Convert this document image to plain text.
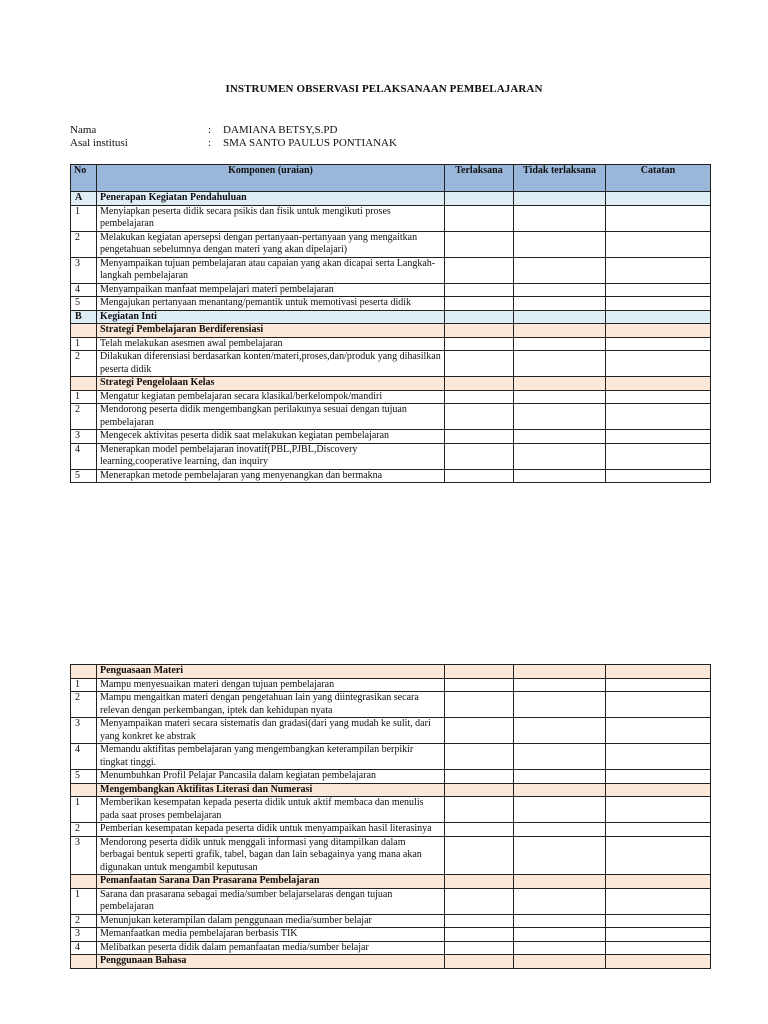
INSTRUMEN OBSERVASI PELAKSANAAN PEMBELAJARAN
Nama	: DAMIANA BETSY,S.PD
Asal institusi	: SMA SANTO PAULUS PONTIANAK
No	Komponen (uraian)	Terlaksana	Tidak terlaksana	Catatan
A	Penerapan Kegiatan Pendahuluan			
1	Menyiapkan peserta didik secara psikis dan fisik untuk mengikuti proses pembelajaran			
2	Melakukan kegiatan apersepsi dengan pertanyaan-pertanyaan yang mengaitkan pengetahuan sebelumnya dengan materi yang akan dipelajari)			
3	Menyampaikan tujuan pembelajaran atau capaian yang akan dicapai serta Langkah-langkah pembelajaran			
4	Menyampaikan manfaat mempelajari materi pembelajaran			
5	Mengajukan pertanyaan menantang/pemantik untuk memotivasi peserta didik			
B	Kegiatan Inti			
	Strategi Pembelajaran Berdiferensiasi			
1	Telah melakukan asesmen awal pembelajaran			
2	Dilakukan diferensiasi berdasarkan konten/materi,proses,dan/produk yang dihasilkan peserta didik			
	Strategi Pengelolaan Kelas			
1	Mengatur kegiatan pembelajaran secara klasikal/berkelompok/mandiri			
2	Mendorong peserta didik mengembangkan perilakunya sesuai dengan tujuan pembelajaran			
3	Mengecek aktivitas peserta didik saat melakukan kegiatan pembelajaran			
4	Menerapkan model pembelajaran inovatif(PBL,PJBL,Discovery learning,cooperative learning, dan inquiry			
5	Menerapkan metode pembelajaran yang menyenangkan dan bermakna			
	Penguasaan Materi			
1	Mampu menyesuaikan materi dengan tujuan pembelajaran			
2	Mampu mengaitkan materi dengan pengetahuan lain yang diintegrasikan secara relevan dengan perkembangan, iptek dan kehidupan nyata			
3	Menyampaikan materi secara sistematis dan gradasi(dari yang mudah ke sulit, dari yang konkret ke abstrak			
4	Memandu aktifitas pembelajaran yang mengembangkan keterampilan berpikir tingkat tinggi.			
5	Menumbuhkan Profil Pelajar Pancasila dalam kegiatan pembelajaran			
	Mengembangkan Aktifitas Literasi dan Numerasi			
1	Memberikan kesempatan kepada peserta didik untuk aktif membaca dan menulis pada saat proses pembelajaran			
2	Pemberian kesempatan kepada peserta didik untuk menyampaikan hasil literasinya			
3	Mendorong peserta didik untuk menggali informasi yang ditampilkan dalam berbagai bentuk seperti grafik, tabel, bagan dan lain sebagainya yang mana akan digunakan untuk mengambil keputusan			
	Pemanfaatan Sarana Dan Prasarana Pembelajaran			
1	Sarana dan prasarana sebagai media/sumber belajarselaras dengan tujuan pembelajaran			
2	Menunjukan keterampilan dalam penggunaan media/sumber belajar			
3	Memanfaatkan media pembelajaran berbasis TIK			
4	Melibatkan peserta didik dalam pemanfaatan media/sumber belajar			
	Penggunaan Bahasa			
